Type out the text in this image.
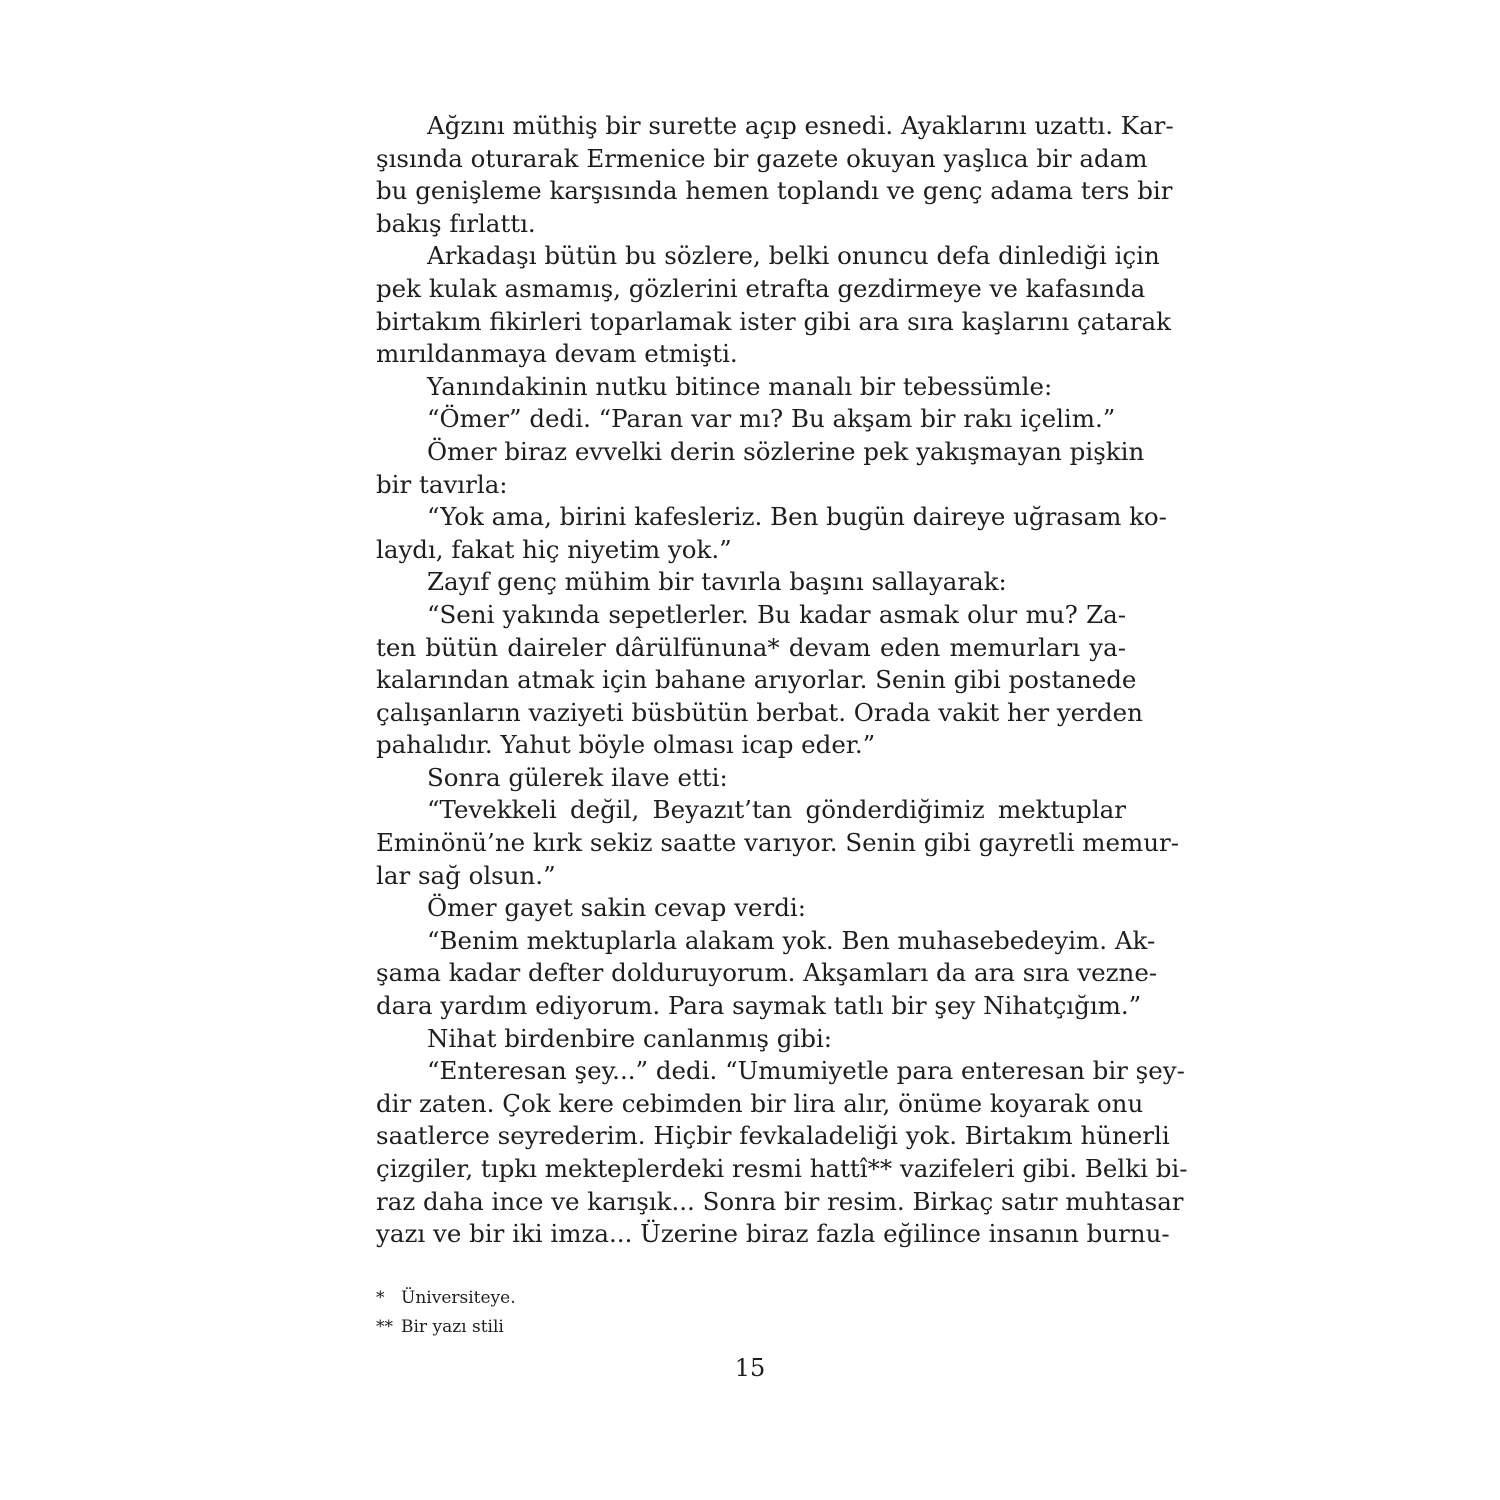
Ağzını müthiş bir surette açıp esnedi. Ayaklarını uzattı. Kar-
şısında oturarak Ermenice bir gazete okuyan yaşlıca bir adam
bu genişleme karşısında hemen toplandı ve genç adama ters bir
bakış fırlattı.
Arkadaşı bütün bu sözlere, belki onuncu defa dinlediği için
pek kulak asmamış, gözlerini etrafta gezdirmeye ve kafasında
birtakım fikirleri toparlamak ister gibi ara sıra kaşlarını çatarak
mırıldanmaya devam etmişti.
Yanındakinin nutku bitince manalı bir tebessümle:
“Ömer” dedi. “Paran var mı? Bu akşam bir rakı içelim.”
Ömer biraz evvelki derin sözlerine pek yakışmayan pişkin
bir tavırla:
“Yok ama, birini kafesleriz. Ben bugün daireye uğrasam ko-
laydı, fakat hiç niyetim yok.”
Zayıf genç mühim bir tavırla başını sallayarak:
“Seni yakında sepetlerler. Bu kadar asmak olur mu? Za-
ten bütün daireler dârülfünuna* devam eden memurları ya-
kalarından atmak için bahane arıyorlar. Senin gibi postanede
çalışanların vaziyeti büsbütün berbat. Orada vakit her yerden
pahalıdır. Yahut böyle olması icap eder.”
Sonra gülerek ilave etti:
“Tevekkeli değil, Beyazıt’tan gönderdiğimiz mektuplar
Eminönü’ne kırk sekiz saatte varıyor. Senin gibi gayretli memur-
lar sağ olsun.”
Ömer gayet sakin cevap verdi:
“Benim mektuplarla alakam yok. Ben muhasebedeyim. Ak-
şama kadar defter dolduruyorum. Akşamları da ara sıra vezne-
dara yardım ediyorum. Para saymak tatlı bir şey Nihatçığım.”
Nihat birdenbire canlanmış gibi:
“Enteresan şey...” dedi. “Umumiyetle para enteresan bir şey-
dir zaten. Çok kere cebimden bir lira alır, önüme koyarak onu
saatlerce seyrederim. Hiçbir fevkaladeliği yok. Birtakım hünerli
çizgiler, tıpkı mekteplerdeki resmi hattî** vazifeleri gibi. Belki bi-
raz daha ince ve karışık... Sonra bir resim. Birkaç satır muhtasar
yazı ve bir iki imza... Üzerine biraz fazla eğilince insanın burnu-
* Üniversiteye.
** Bir yazı stili
15
